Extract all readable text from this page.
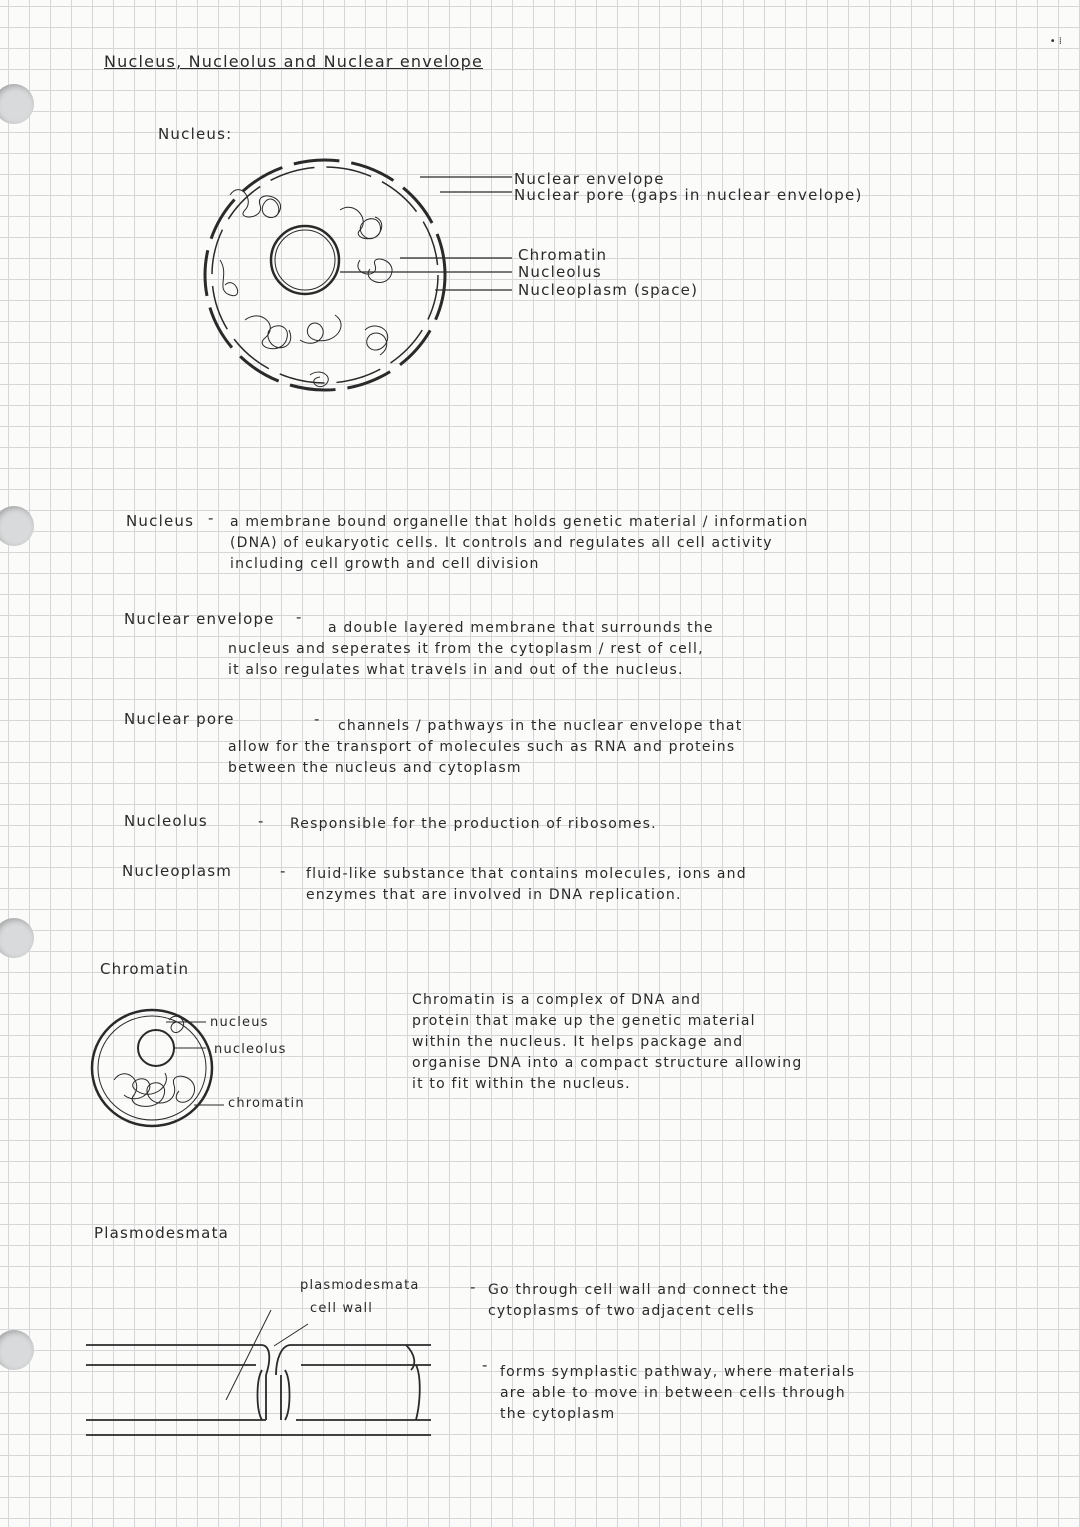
• ⁞
Nucleus, Nucleolus and Nuclear envelope
Nucleus:
Nuclear envelope
Nuclear pore (gaps in nuclear envelope)
Chromatin
Nucleolus
Nucleoplasm (space)
Nucleus - a membrane bound organelle that holds genetic material / information
(DNA) of eukaryotic cells. It controls and regulates all cell activity
including cell growth and cell division
Nuclear envelope -
a double layered membrane that surrounds the
nucleus and seperates it from the cytoplasm / rest of cell,
it also regulates what travels in and out of the nucleus.
Nuclear pore	-	channels / pathways in the nuclear envelope that
allow for the transport of molecules such as RNA and proteins
between the nucleus and cytoplasm
Nucleolus	- Responsible for the production of ribosomes.
Nucleoplasm	- fluid-like substance that contains molecules, ions and
enzymes that are involved in DNA replication.
Chromatin
nucleus
nucleolus
chromatin
Chromatin is a complex of DNA and
protein that make up the genetic material
within the nucleus. It helps package and
organise DNA into a compact structure allowing
it to fit within the nucleus.
Plasmodesmata
plasmodesmata
cell wall
- Go through cell wall and connect the
cytoplasms of two adjacent cells
- forms symplastic pathway, where materials
are able to move in between cells through
the cytoplasm
